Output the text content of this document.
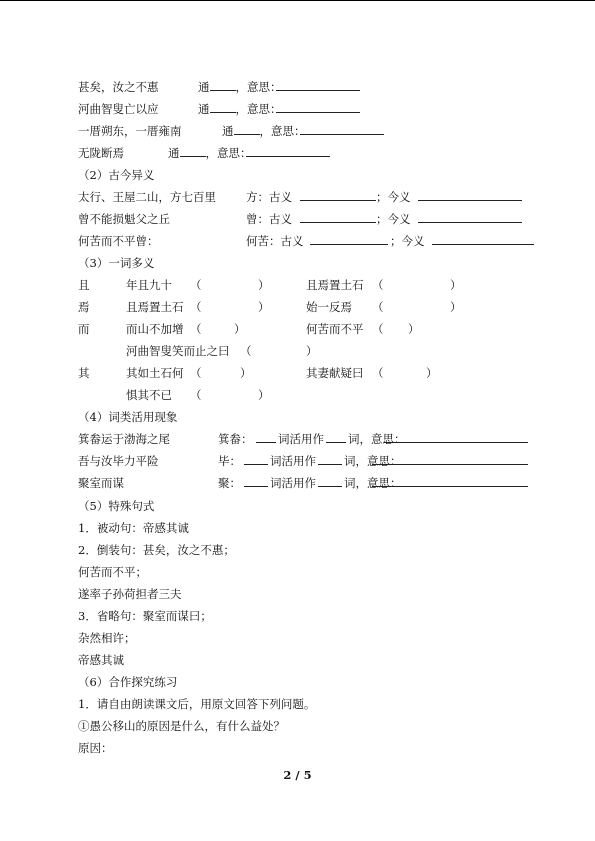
甚矣，汝之不惠	通 ，意思：
河曲智叟亡以应	通 ，意思：
一厝朔东，一厝雍南	通 ，意思：
无陇断焉	通 ，意思：
（2）古今异义
太行、王屋二山，方七百里	方：古义	；今义
曾不能损魁父之丘	曾：古义	；今义
何苦而不平曾：	何苦：古义	；今义
（3）一词多义
且	年且九十 （	）	且焉置土石 （	）
焉	且焉置土石 （	）	始一反焉 （	）
而	而山不加增 （	）	何苦而不平 （ ）
河曲智叟笑而止之曰 （	）
其	其如土石何 （	）	其妻献疑曰 （	）
惧其不已 （	）
（4）词类活用现象
箕畚运于渤海之尾	箕畚： 词活用作 词，意思：
吾与汝毕力平险	毕：	词活用作 词，意思：
聚室而谋	聚：	词活用作 词，意思：
（5）特殊句式
1．被动句：帝感其诚
2．倒装句：甚矣，汝之不惠；
何苦而不平；
遂率子孙荷担者三夫
3．省略句：聚室而谋曰；
杂然相许；
帝感其诚
（6）合作探究练习
1．请自由朗读课文后，用原文回答下列问题。
①愚公移山的原因是什么，有什么益处？
原因：
2 / 5
